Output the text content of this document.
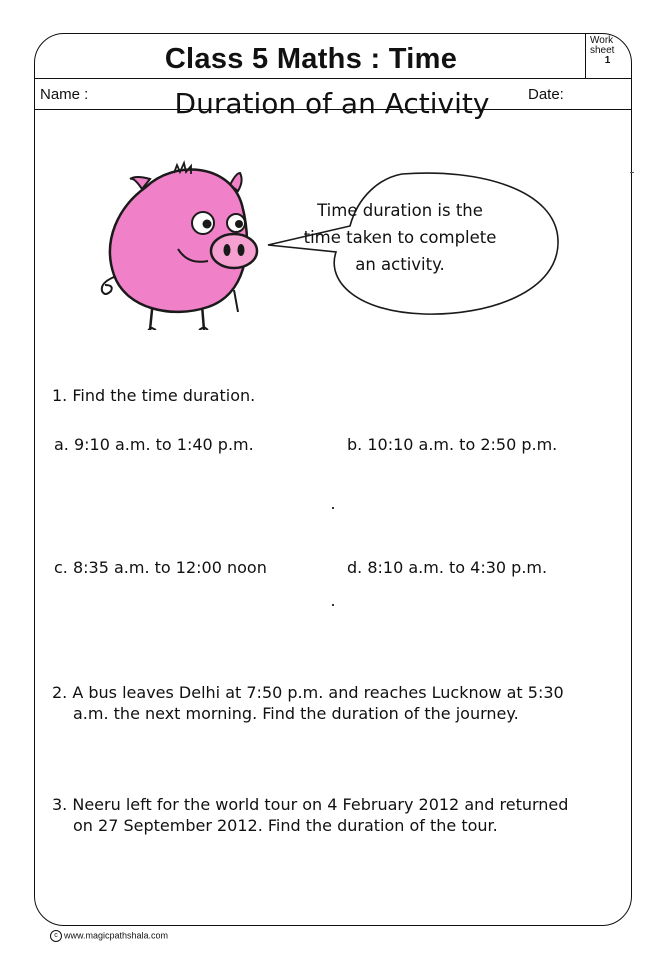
Class 5 Maths : Time
Work
sheet

1
Name :	Date:
Duration of an Activity
Time duration is the
time taken to complete
an activity.
1. Find the time duration.
a. 9:10 a.m. to 1:40 p.m.	b. 10:10 a.m. to 2:50 p.m.
c. 8:35 a.m. to 12:00 noon	d. 8:10 a.m. to 4:30 p.m.
2. A bus leaves Delhi at 7:50 p.m. and reaches Lucknow at 5:30
a.m. the next morning. Find the duration of the journey.
3. Neeru left for the world tour on 4 February 2012 and returned
on 27 September 2012. Find the duration of the tour.
c www.magicpathshala.com
